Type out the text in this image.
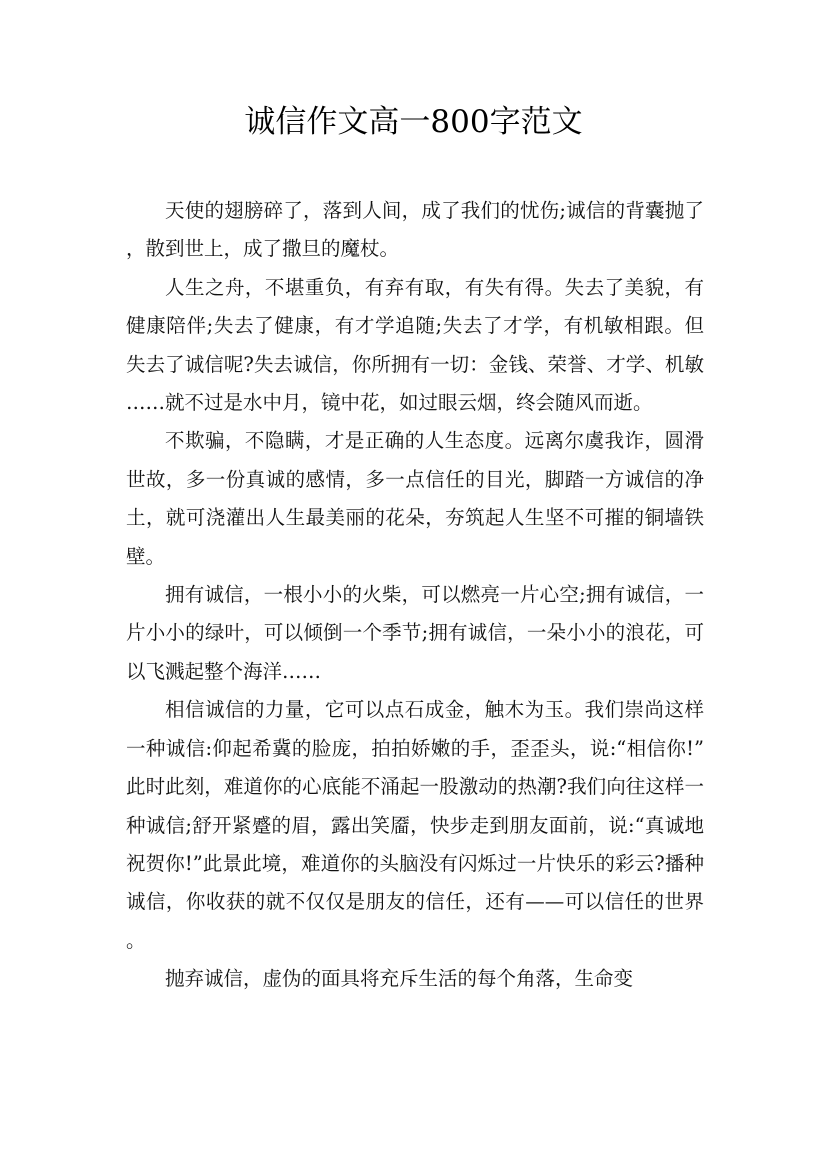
诚信作文高一800字范文

天使的翅膀碎了，落到人间，成了我们的忧伤;诚信的背囊抛了，散到世上，成了撒旦的魔杖。

人生之舟，不堪重负，有弃有取，有失有得。失去了美貌，有健康陪伴;失去了健康，有才学追随;失去了才学，有机敏相跟。但失去了诚信呢?失去诚信，你所拥有一切：金钱、荣誉、才学、机敏……就不过是水中月，镜中花，如过眼云烟，终会随风而逝。

不欺骗，不隐瞒，才是正确的人生态度。远离尔虞我诈，圆滑世故，多一份真诚的感情，多一点信任的目光，脚踏一方诚信的净土，就可浇灌出人生最美丽的花朵，夯筑起人生坚不可摧的铜墙铁壁。

拥有诚信，一根小小的火柴，可以燃亮一片心空;拥有诚信，一片小小的绿叶，可以倾倒一个季节;拥有诚信，一朵小小的浪花，可以飞溅起整个海洋……

相信诚信的力量，它可以点石成金，触木为玉。我们崇尚这样一种诚信:仰起希冀的脸庞，拍拍娇嫩的手，歪歪头，说:“相信你!”此时此刻，难道你的心底能不涌起一股激动的热潮?我们向往这样一种诚信;舒开紧蹙的眉，露出笑靥，快步走到朋友面前，说:“真诚地祝贺你!”此景此境，难道你的头脑没有闪烁过一片快乐的彩云?播种诚信，你收获的就不仅仅是朋友的信任，还有——可以信任的世界。

抛弃诚信，虚伪的面具将充斥生活的每个角落，生命变
